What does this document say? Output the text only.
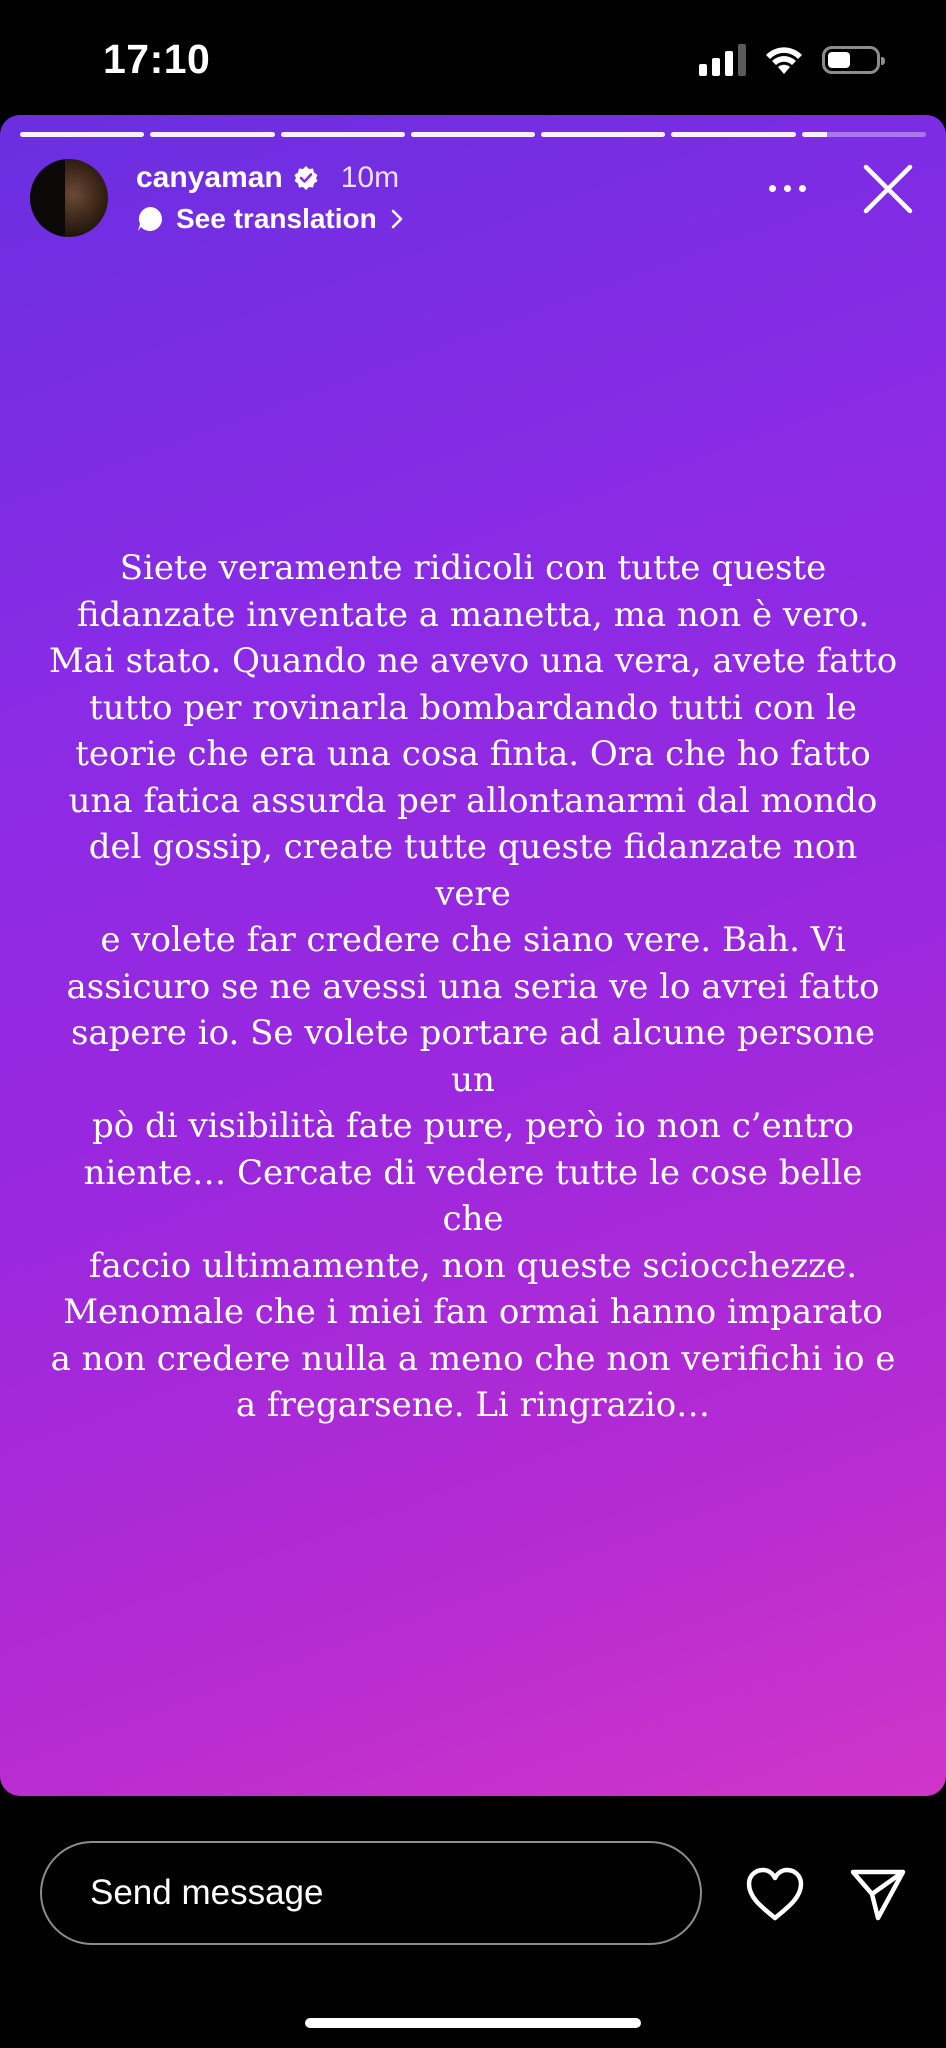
17:10
canyaman 10m
See translation

Siete veramente ridicoli con tutte queste
fidanzate inventate a manetta, ma non è vero.
Mai stato. Quando ne avevo una vera, avete fatto
tutto per rovinarla bombardando tutti con le
teorie che era una cosa finta. Ora che ho fatto
una fatica assurda per allontanarmi dal mondo
del gossip, create tutte queste fidanzate non vere
e volete far credere che siano vere. Bah. Vi
assicuro se ne avessi una seria ve lo avrei fatto
sapere io. Se volete portare ad alcune persone un
pò di visibilità fate pure, però io non c’entro
niente… Cercate di vedere tutte le cose belle che
faccio ultimamente, non queste sciocchezze.
Menomale che i miei fan ormai hanno imparato
a non credere nulla a meno che non verifichi io e
a fregarsene. Li ringrazio…

Send message
